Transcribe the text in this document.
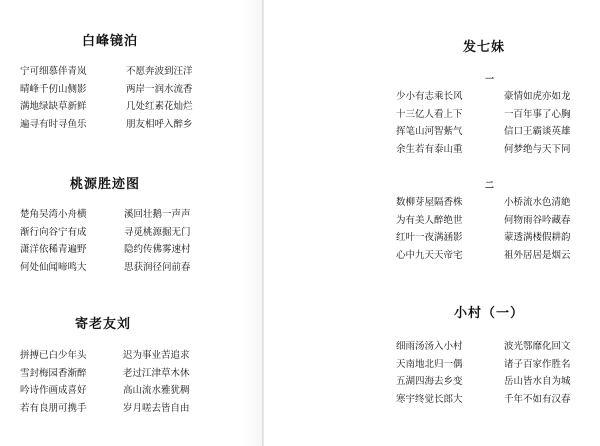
白峰镜泊
宁可细慕伴青岚
晴峰千仞山侧影
满地绿缺草新鲜
遍寻有时寻鱼乐
不愿奔波到汪洋
两岸一润水流香
几处红素花灿烂
朋友相呼入醉乡
桃源胜迹图
楚角吴湾小舟横
渐行向谷宁有成
潇洋依稀青遍野
何处仙闻啼鸣大
溪回壮鹅一声声
寻觅桃源掘无门
隐约传佛雾速村
思获润径问前春
寄老友刘
拼搏已白少年头
雪封梅园香渐醉
吟诗作画成喜好
若有良朋可携手
迟为事业苦追求
老过江津草木休
高山流水雅犹稠
岁月嗟去皆自由
发七妹
一
少小有志乘长风
十三亿人看上下
挥笔山河智紫气
余生若有泰山重
豪情如虎亦如龙
一百年事了心胸
信口王霸谈英雄
何梦绝与天下同
二
数柳芽屋隔香株
为有美人醉绝世
红叶一夜满涵影
心中九天天帝宅
小桥流水色清絶
何物雨谷吟藏春
蒙透满楼假耕韵
祖外居居是烟云
小村（一）
细雨汤汤入小村
天南地北归一偶
五湖四海去乡变
寒宇终觉长郎大
波光鄂靡化回文
诸子百家作胜名
岳山皆水自为城
千年不如有汉春
